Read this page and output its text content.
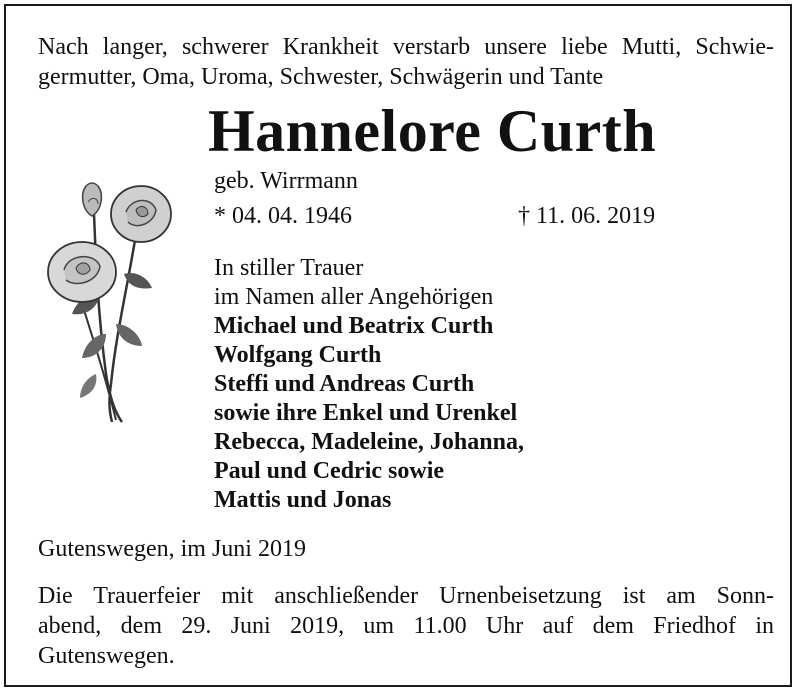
Nach langer, schwerer Krankheit verstarb unsere liebe Mutti, Schwie-
germutter, Oma, Uroma, Schwester, Schwägerin und Tante
Hannelore Curth
geb. Wirrmann
* 04. 04. 1946	† 11. 06. 2019
In stiller Trauer
im Namen aller Angehörigen
Michael und Beatrix Curth
Wolfgang Curth
Steffi und Andreas Curth
sowie ihre Enkel und Urenkel
Rebecca, Madeleine, Johanna,
Paul und Cedric sowie
Mattis und Jonas
Gutenswegen, im Juni 2019
Die Trauerfeier mit anschließender Urnenbeisetzung ist am Sonn-
abend, dem 29. Juni 2019, um 11.00 Uhr auf dem Friedhof in
Gutenswegen.
